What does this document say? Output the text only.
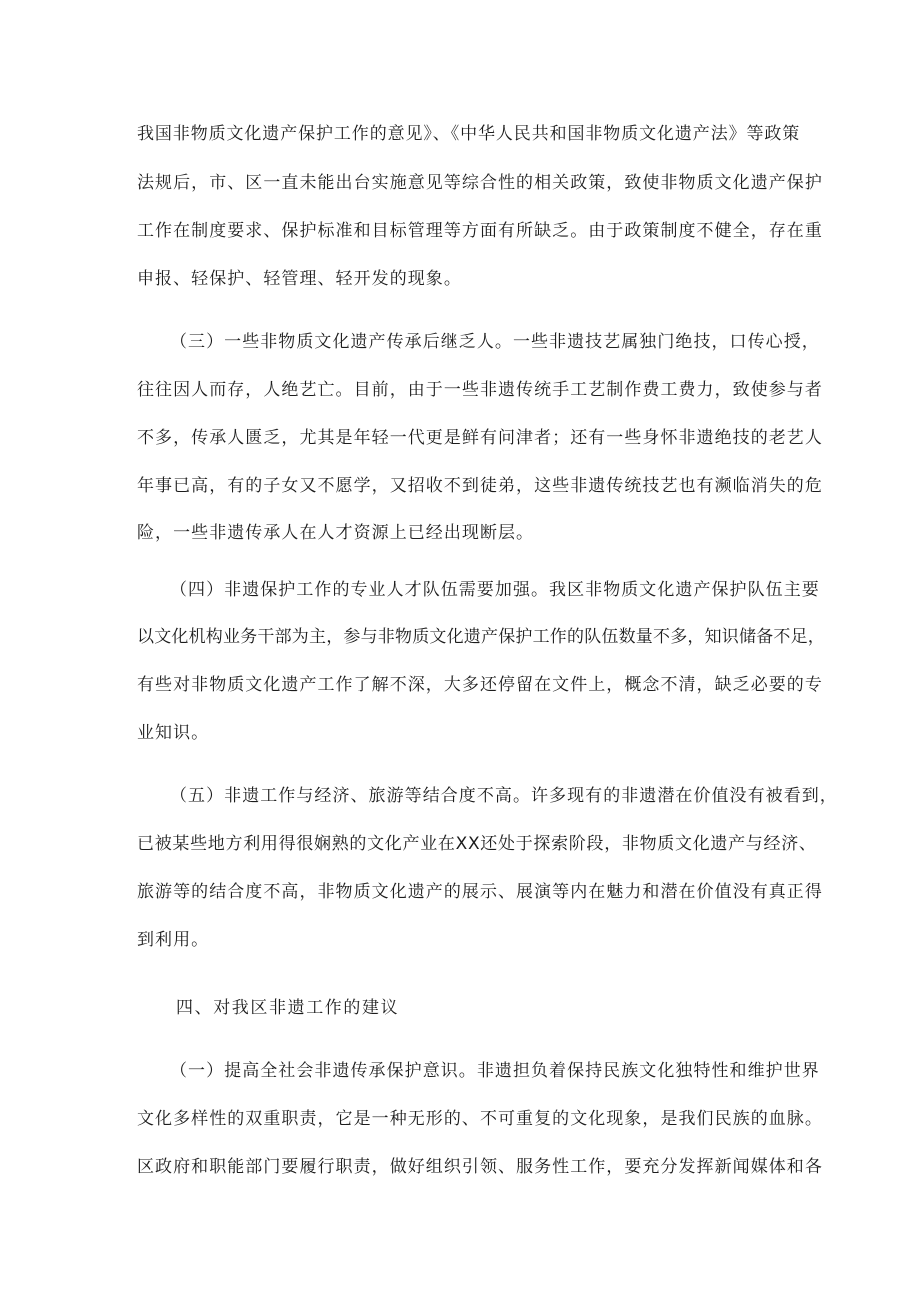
我国非物质文化遗产保护工作的意见》、《中华人民共和国非物质文化遗产法》等政策
法规后，市、区一直未能出台实施意见等综合性的相关政策，致使非物质文化遗产保护
工作在制度要求、保护标准和目标管理等方面有所缺乏。由于政策制度不健全，存在重
申报、轻保护、轻管理、轻开发的现象。
（三）一些非物质文化遗产传承后继乏人。一些非遗技艺属独门绝技，口传心授，
往往因人而存，人绝艺亡。目前，由于一些非遗传统手工艺制作费工费力，致使参与者
不多，传承人匮乏，尤其是年轻一代更是鲜有问津者；还有一些身怀非遗绝技的老艺人
年事已高，有的子女又不愿学，又招收不到徒弟，这些非遗传统技艺也有濒临消失的危
险，一些非遗传承人在人才资源上已经出现断层。
（四）非遗保护工作的专业人才队伍需要加强。我区非物质文化遗产保护队伍主要
以文化机构业务干部为主，参与非物质文化遗产保护工作的队伍数量不多，知识储备不足，
有些对非物质文化遗产工作了解不深，大多还停留在文件上，概念不清，缺乏必要的专
业知识。
（五）非遗工作与经济、旅游等结合度不高。许多现有的非遗潜在价值没有被看到，
已被某些地方利用得很娴熟的文化产业在XX还处于探索阶段，非物质文化遗产与经济、
旅游等的结合度不高，非物质文化遗产的展示、展演等内在魅力和潜在价值没有真正得
到利用。
四、对我区非遗工作的建议
（一）提高全社会非遗传承保护意识。非遗担负着保持民族文化独特性和维护世界
文化多样性的双重职责，它是一种无形的、不可重复的文化现象，是我们民族的血脉。
区政府和职能部门要履行职责，做好组织引领、服务性工作，要充分发挥新闻媒体和各
